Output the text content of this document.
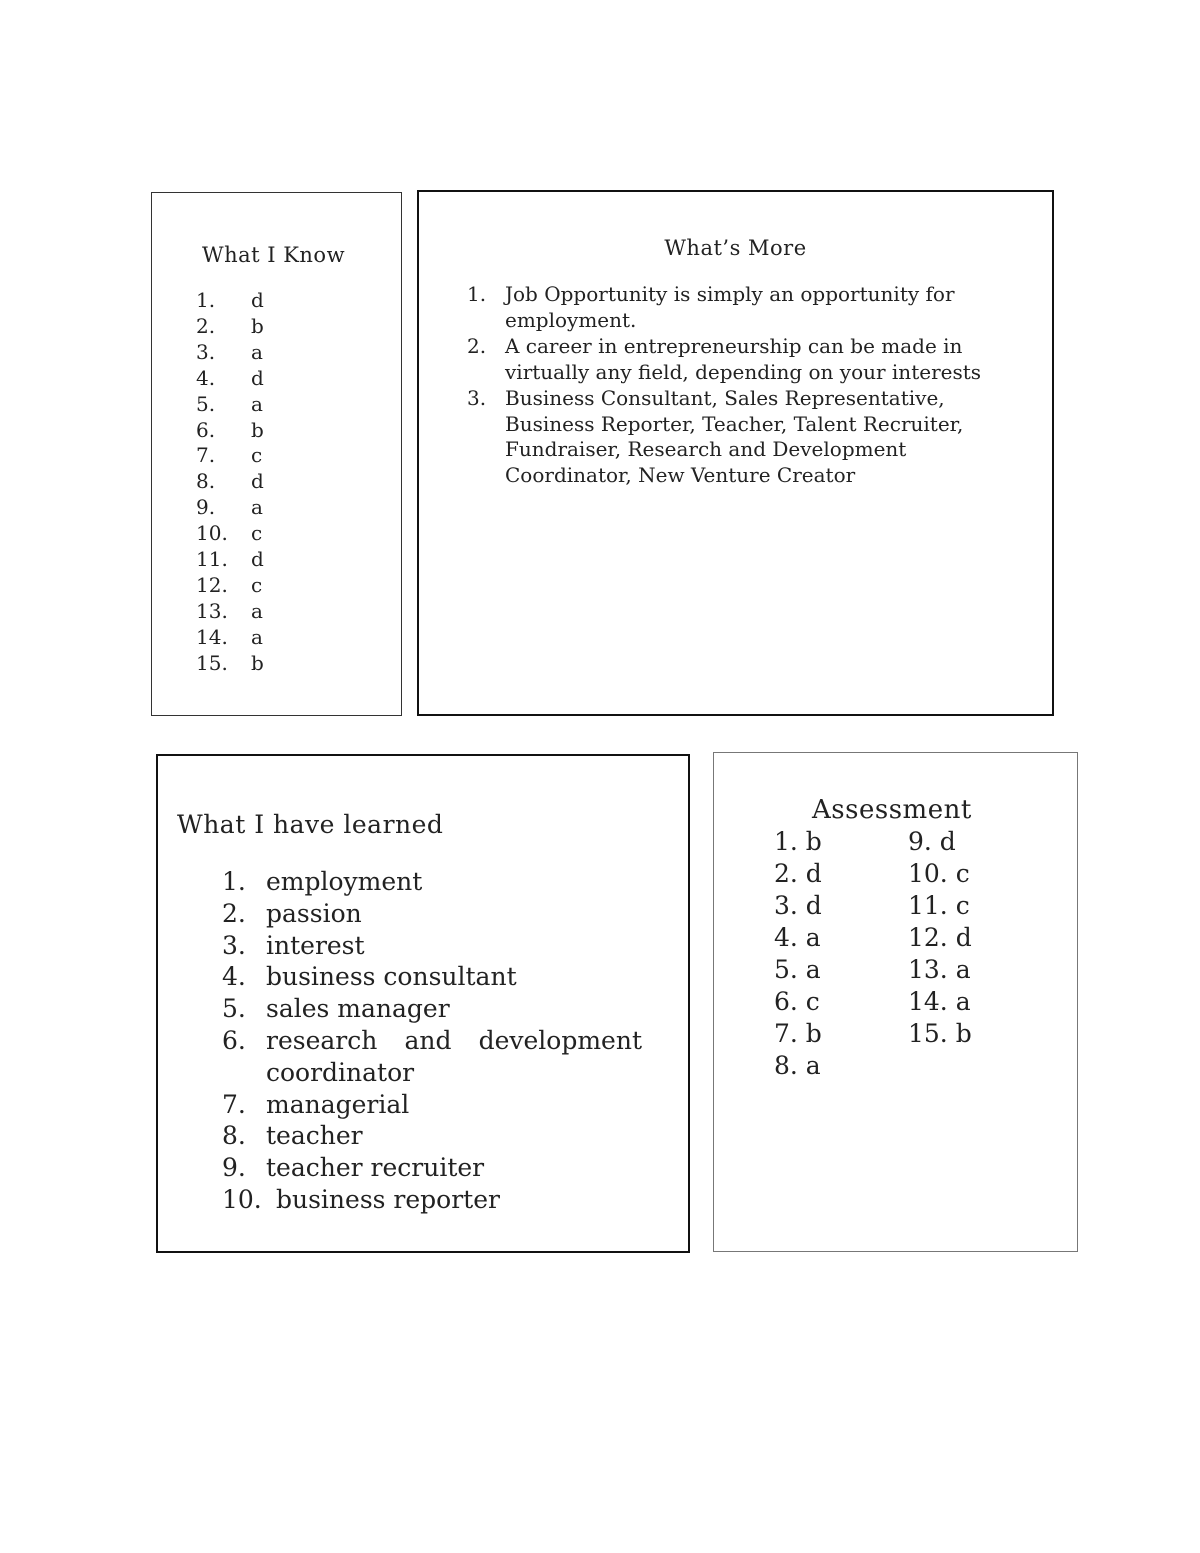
What I Know
1.	d
2.	b
3.	a
4.	d
5.	a
6.	b
7.	c
8.	d
9.	a
10.	c
11.	d
12.	c
13.	a
14.	a
15.	b
What’s More
1. Job Opportunity is simply an opportunity for employment.
2. A career in entrepreneurship can be made in virtually any field, depending on your interests
3. Business Consultant, Sales Representative, Business Reporter, Teacher, Talent Recruiter, Fundraiser, Research and Development Coordinator, New Venture Creator
What I have learned
1. employment
2. passion
3. interest
4. business consultant
5. sales manager
6. research and development coordinator
7. managerial
8. teacher
9. teacher recruiter
10. business reporter
Assessment
1. b
2. d
3. d
4. a
5. a
6. c
7. b
8. a
9. d
10. c
11. c
12. d
13. a
14. a
15. b
